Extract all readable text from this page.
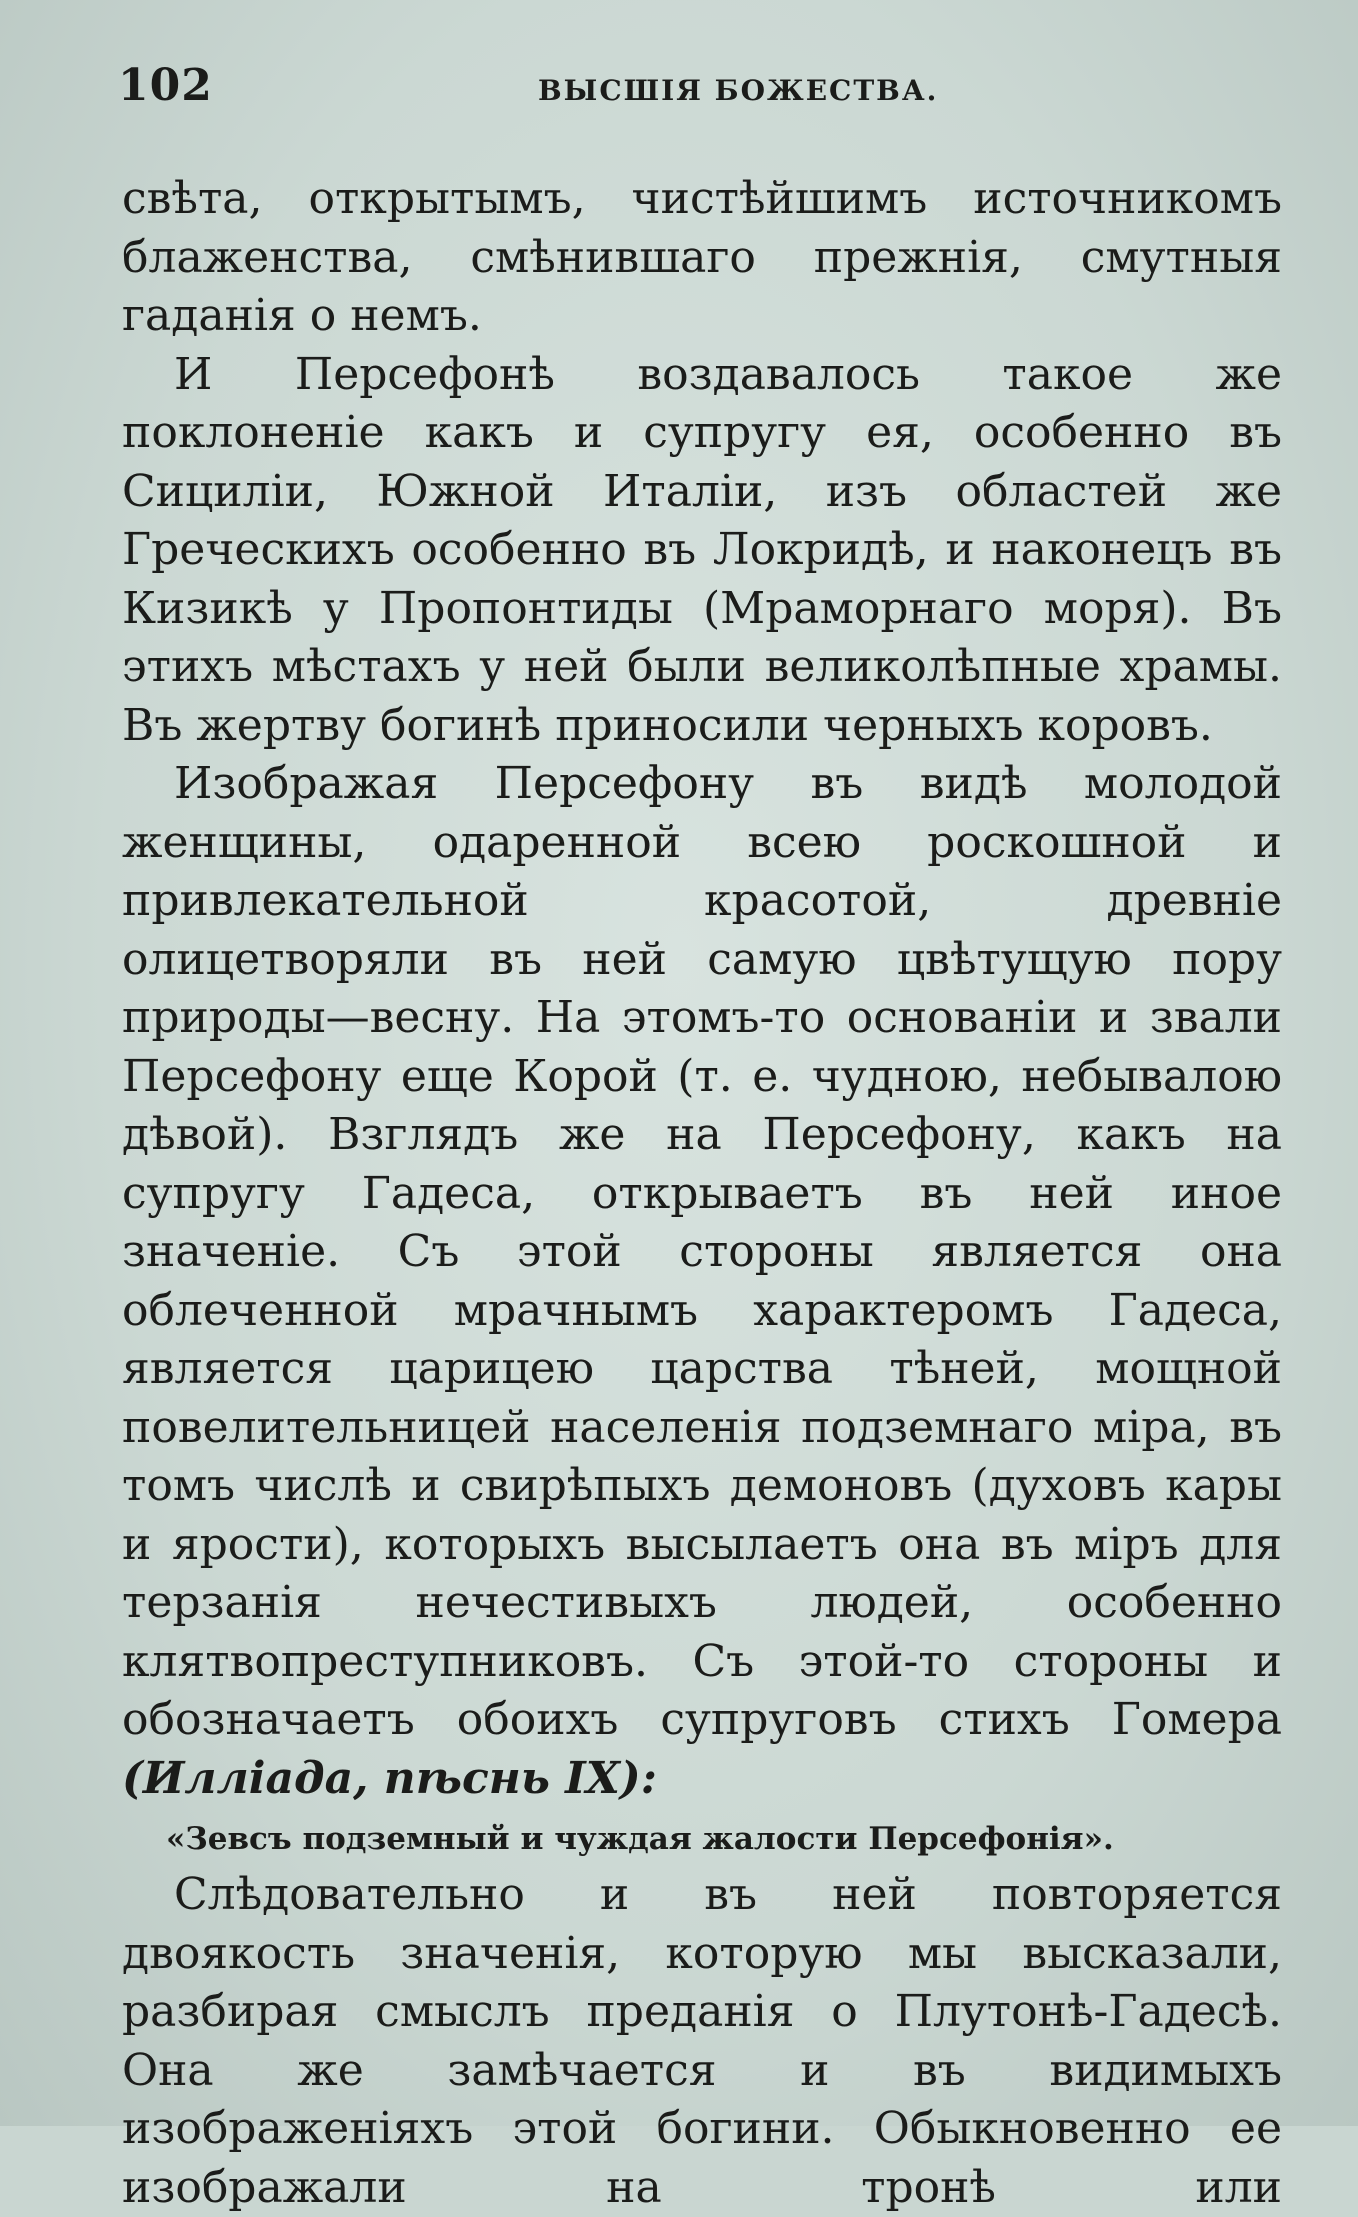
102	ВЫСШІЯ БОЖЕСТВА.

свѣта, открытымъ, чистѣйшимъ источникомъ блаженства, смѣнившаго прежнія, смутныя гаданія о немъ.

И Персефонѣ воздавалось такое же поклоненіе какъ и супругу ея, особенно въ Сициліи, Южной Италіи, изъ областей же Греческихъ особенно въ Локридѣ, и наконецъ въ Кизикѣ у Пропонтиды (Мраморнаго моря). Въ этихъ мѣстахъ у ней были великолѣпные храмы. Въ жертву богинѣ приносили черныхъ коровъ.

Изображая Персефону въ видѣ молодой женщины, одаренной всею роскошной и привлекательной красотой, древніе олицетворяли въ ней самую цвѣтущую пору природы—весну. На этомъ-то основаніи и звали Персефону еще Корой (т. е. чудною, небывалою дѣвой). Взглядъ же на Персефону, какъ на супругу Гадеса, открываетъ въ ней иное значеніе. Съ этой стороны является она облеченной мрачнымъ характеромъ Гадеса, является царицею царства тѣней, мощной повелительницей населенія подземнаго міра, въ томъ числѣ и свирѣпыхъ демоновъ (духовъ кары и ярости), которыхъ высылаетъ она въ міръ для терзанія нечестивыхъ людей, особенно клятвопреступниковъ. Съ этой-то стороны и обозначаетъ обоихъ супруговъ стихъ Гомера (Илліада, пѣснь IX):

«Зевсъ подземный и чуждая жалости Персефонія».

Слѣдовательно и въ ней повторяется двоякость значенія, которую мы высказали, разбирая смыслъ преданія о Плутонѣ-Гадесѣ. Она же замѣчается и въ видимыхъ изображеніяхъ этой богини. Обыкновенно ее изображали на тронѣ или
